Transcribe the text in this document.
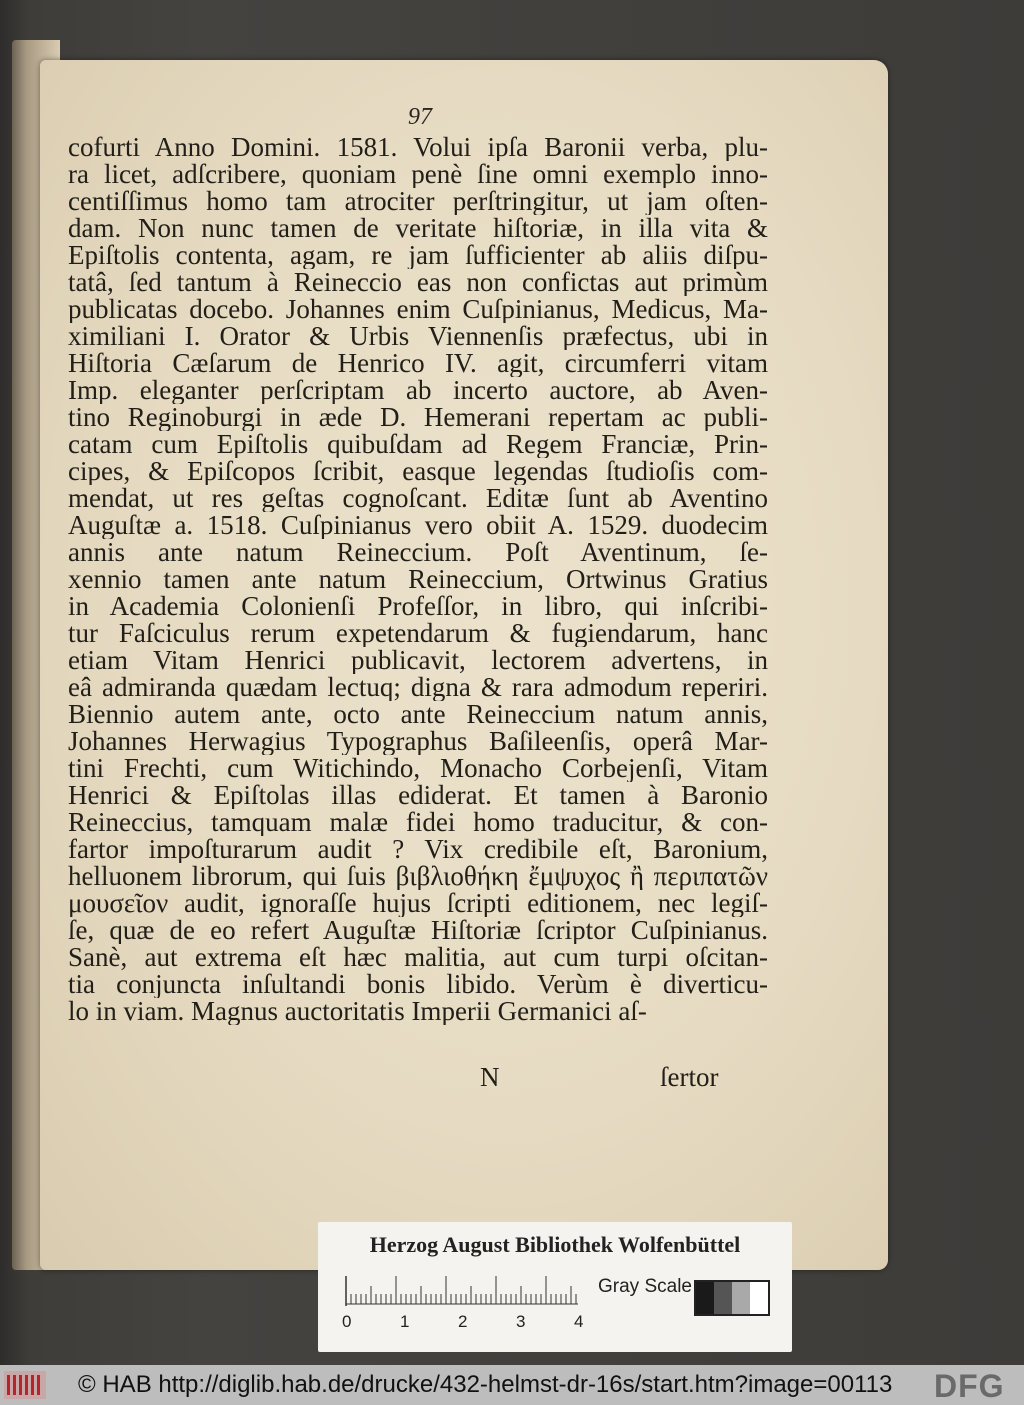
97
cofurti Anno Domini. 1581. Volui ipſa Baronii verba, plu-
ra licet, adſcribere, quoniam penè ſine omni exemplo inno-
centiſſimus homo tam atrociter perſtringitur, ut jam oſten-
dam. Non nunc tamen de veritate hiſtoriæ, in illa vita &
Epiſtolis contenta, agam, re jam ſufficienter ab aliis diſpu-
tatâ, ſed tantum à Reineccio eas non confictas aut primùm
publicatas docebo. Johannes enim Cuſpinianus, Medicus, Ma-
ximiliani I. Orator & Urbis Viennenſis præfectus, ubi in
Hiſtoria Cæſarum de Henrico IV. agit, circumferri vitam
Imp. eleganter perſcriptam ab incerto auctore, ab Aven-
tino Reginoburgi in æde D. Hemerani repertam ac publi-
catam cum Epiſtolis quibuſdam ad Regem Franciæ, Prin-
cipes, & Epiſcopos ſcribit, easque legendas ſtudioſis com-
mendat, ut res geſtas cognoſcant. Editæ ſunt ab Aventino
Auguſtæ a. 1518. Cuſpinianus vero obiit A. 1529. duodecim
annis ante natum Reineccium. Poſt Aventinum, ſe-
xennio tamen ante natum Reineccium, Ortwinus Gratius
in Academia Colonienſi Profeſſor, in libro, qui inſcribi-
tur Faſciculus rerum expetendarum & fugiendarum, hanc
etiam Vitam Henrici publicavit, lectorem advertens, in
eâ admiranda quædam lectuq; digna & rara admodum reperiri.
Biennio autem ante, octo ante Reineccium natum annis,
Johannes Herwagius Typographus Baſileenſis, operâ Mar-
tini Frechti, cum Witichindo, Monacho Corbejenſi, Vitam
Henrici & Epiſtolas illas ediderat. Et tamen à Baronio
Reineccius, tamquam malæ fidei homo traducitur, & con-
fartor impoſturarum audit ? Vix credibile eſt, Baronium,
helluonem librorum, qui ſuis βιβλιοθήκη ἔμψυχος ἢ περιπατῶν
μουσεῖον audit, ignoraſſe hujus ſcripti editionem, nec legiſ-
ſe, quæ de eo refert Auguſtæ Hiſtoriæ ſcriptor Cuſpinianus.
Sanè, aut extrema eſt hæc malitia, aut cum turpi oſcitan-
tia conjuncta inſultandi bonis libido. Verùm è diverticu-
lo in viam. Magnus auctoritatis Imperii Germanici aſ-
N	ſertor
Herzog August Bibliothek Wolfenbüttel
0	1	2	3	4
Gray Scale
© HAB http://diglib.hab.de/drucke/432-helmst-dr-16s/start.htm?image=00113 DFG
